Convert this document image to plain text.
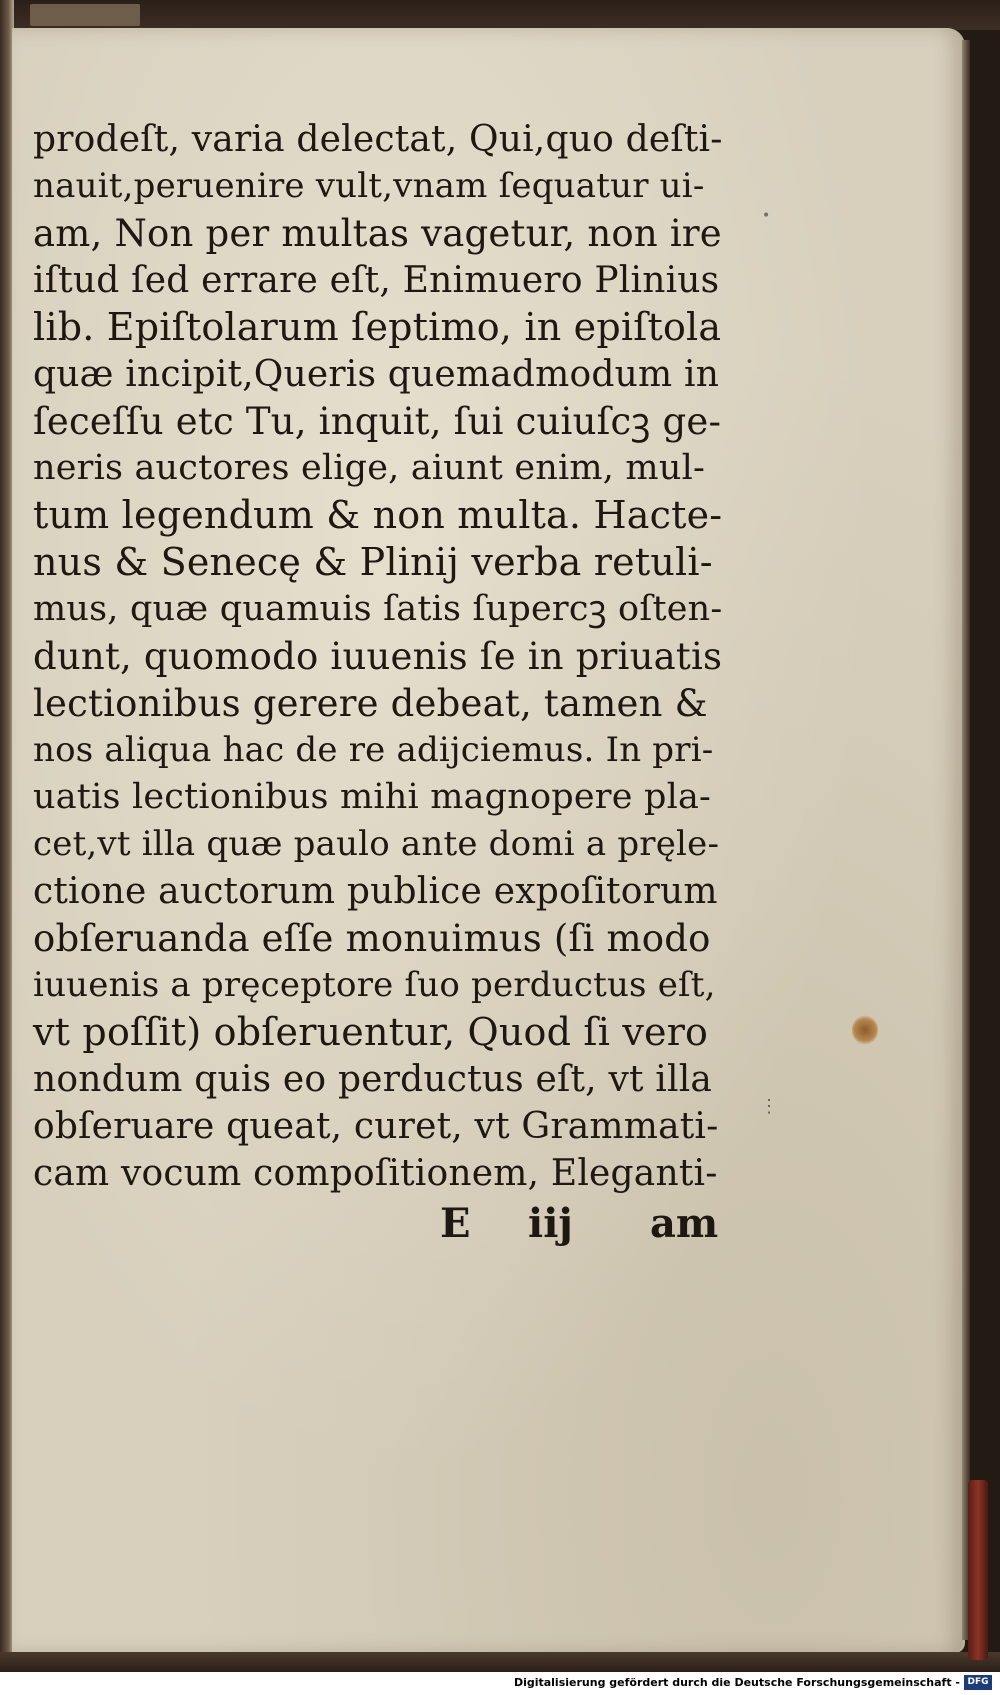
•
⋮
prodeſt, varia delectat, Qui,quo deſti‑
nauit,peruenire vult,vnam ſequatur ui‑
am, Non per multas vagetur, non ire
iſtud ſed errare eſt, Enimuero Plinius
lib. Epiſtolarum ſeptimo, in epiſtola
quæ incipit,Queris quemadmodum in
ſeceſſu etc Tu, inquit, ſui cuiuſcꝫ ge‑
neris auctores elige, aiunt enim, mul‑
tum legendum & non multa. Hacte‑
nus & Senecę & Plinij verba retuli‑
mus, quæ quamuis ſatis ſupercꝫ oſten‑
dunt, quomodo iuuenis ſe in priuatis
lectionibus gerere debeat, tamen &
nos aliqua hac de re adijciemus. In pri‑
uatis lectionibus mihi magnopere pla‑
cet,vt illa quæ paulo ante domi a pręle‑
ctione auctorum publice expoſitorum
obſeruanda eſſe monuimus (ſi modo
iuuenis a pręceptore ſuo perductus eſt,
vt poſſit) obſeruentur, Quod ſi vero
nondum quis eo perductus eſt, vt illa
obſeruare queat, curet, vt Grammati‑
cam vocum compoſitionem, Eleganti‑
E iij am
Digitalisierung gefördert durch die Deutsche Forschungsgemeinschaft - DFG
